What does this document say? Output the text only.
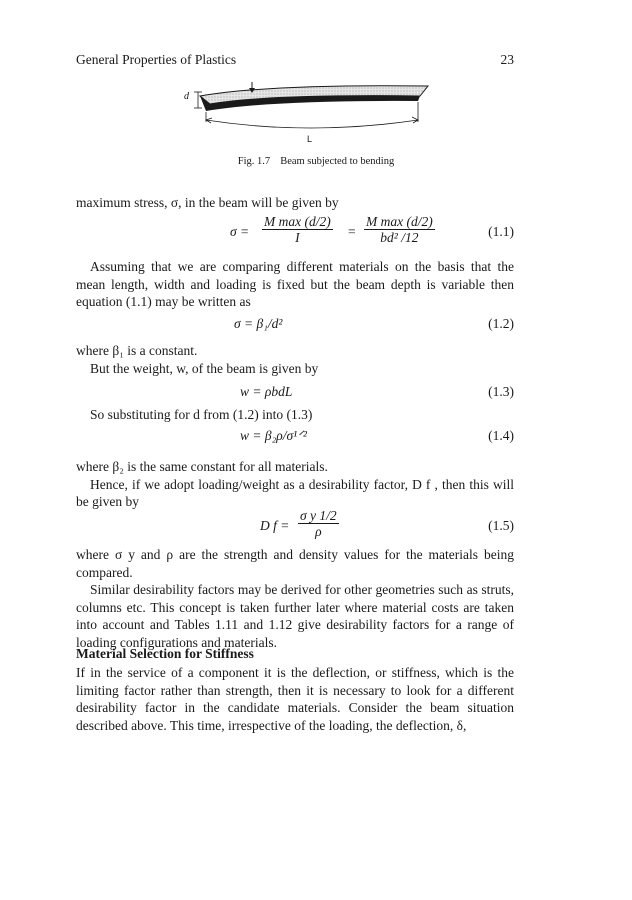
General Properties of Plastics	23
d
L
Fig. 1.7 Beam subjected to bending

maximum stress, σ, in the beam will be given by

σ =
M max (d/2)
I	=
M max (d/2)
bd² /12	(1.1)

Assuming that we are comparing different materials on the basis that the mean length, width and loading is fixed but the beam depth is variable then equation (1.1) may be written as

σ = β₁/d²	(1.2)

where β₁ is a constant.

But the weight, w, of the beam is given by

w = ρbdL	(1.3)

So substituting for d from (1.2) into (1.3)

w = β₂ρ/σ¹ᐟ²	(1.4)

where β₂ is the same constant for all materials.

Hence, if we adopt loading/weight as a desirability factor, D f , then this will be given by

D $f = \frac{\text{σ y 1/2}}{\rho}$	(1.5)

where σ y and ρ are the strength and density values for the materials being compared.

Similar desirability factors may be derived for other geometries such as struts, columns etc. This concept is taken further later where material costs are taken into account and Tables 1.11 and 1.12 give desirability factors for a range of loading configurations and materials.

Material Selection for Stiffness

If in the service of a component it is the deflection, or stiffness, which is the limiting factor rather than strength, then it is necessary to look for a different desirability factor in the candidate materials. Consider the beam situation described above. This time, irrespective of the loading, the deflection, δ,
